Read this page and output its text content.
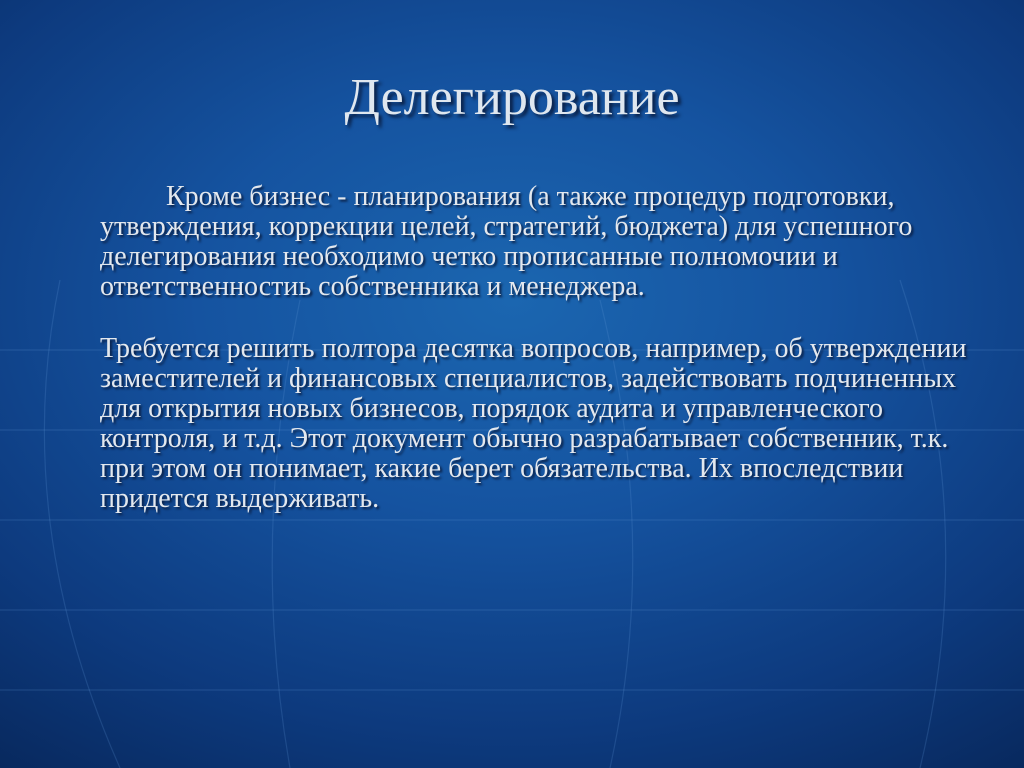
Делегирование

Кроме бизнес - планирования (а также процедур подготовки, утверждения, коррекции целей, стратегий, бюджета) для успешного делегирования необходимо четко прописанные полномочии и ответственностиь собственника и менеджера.

Требуется решить полтора десятка вопросов, например, об утверждении заместителей и финансовых специалистов, задействовать подчиненных для открытия новых бизнесов, порядок аудита и управленческого контроля, и т.д. Этот документ обычно разрабатывает собственник, т.к. при этом он понимает, какие берет обязательства. Их впоследствии придется выдерживать.
